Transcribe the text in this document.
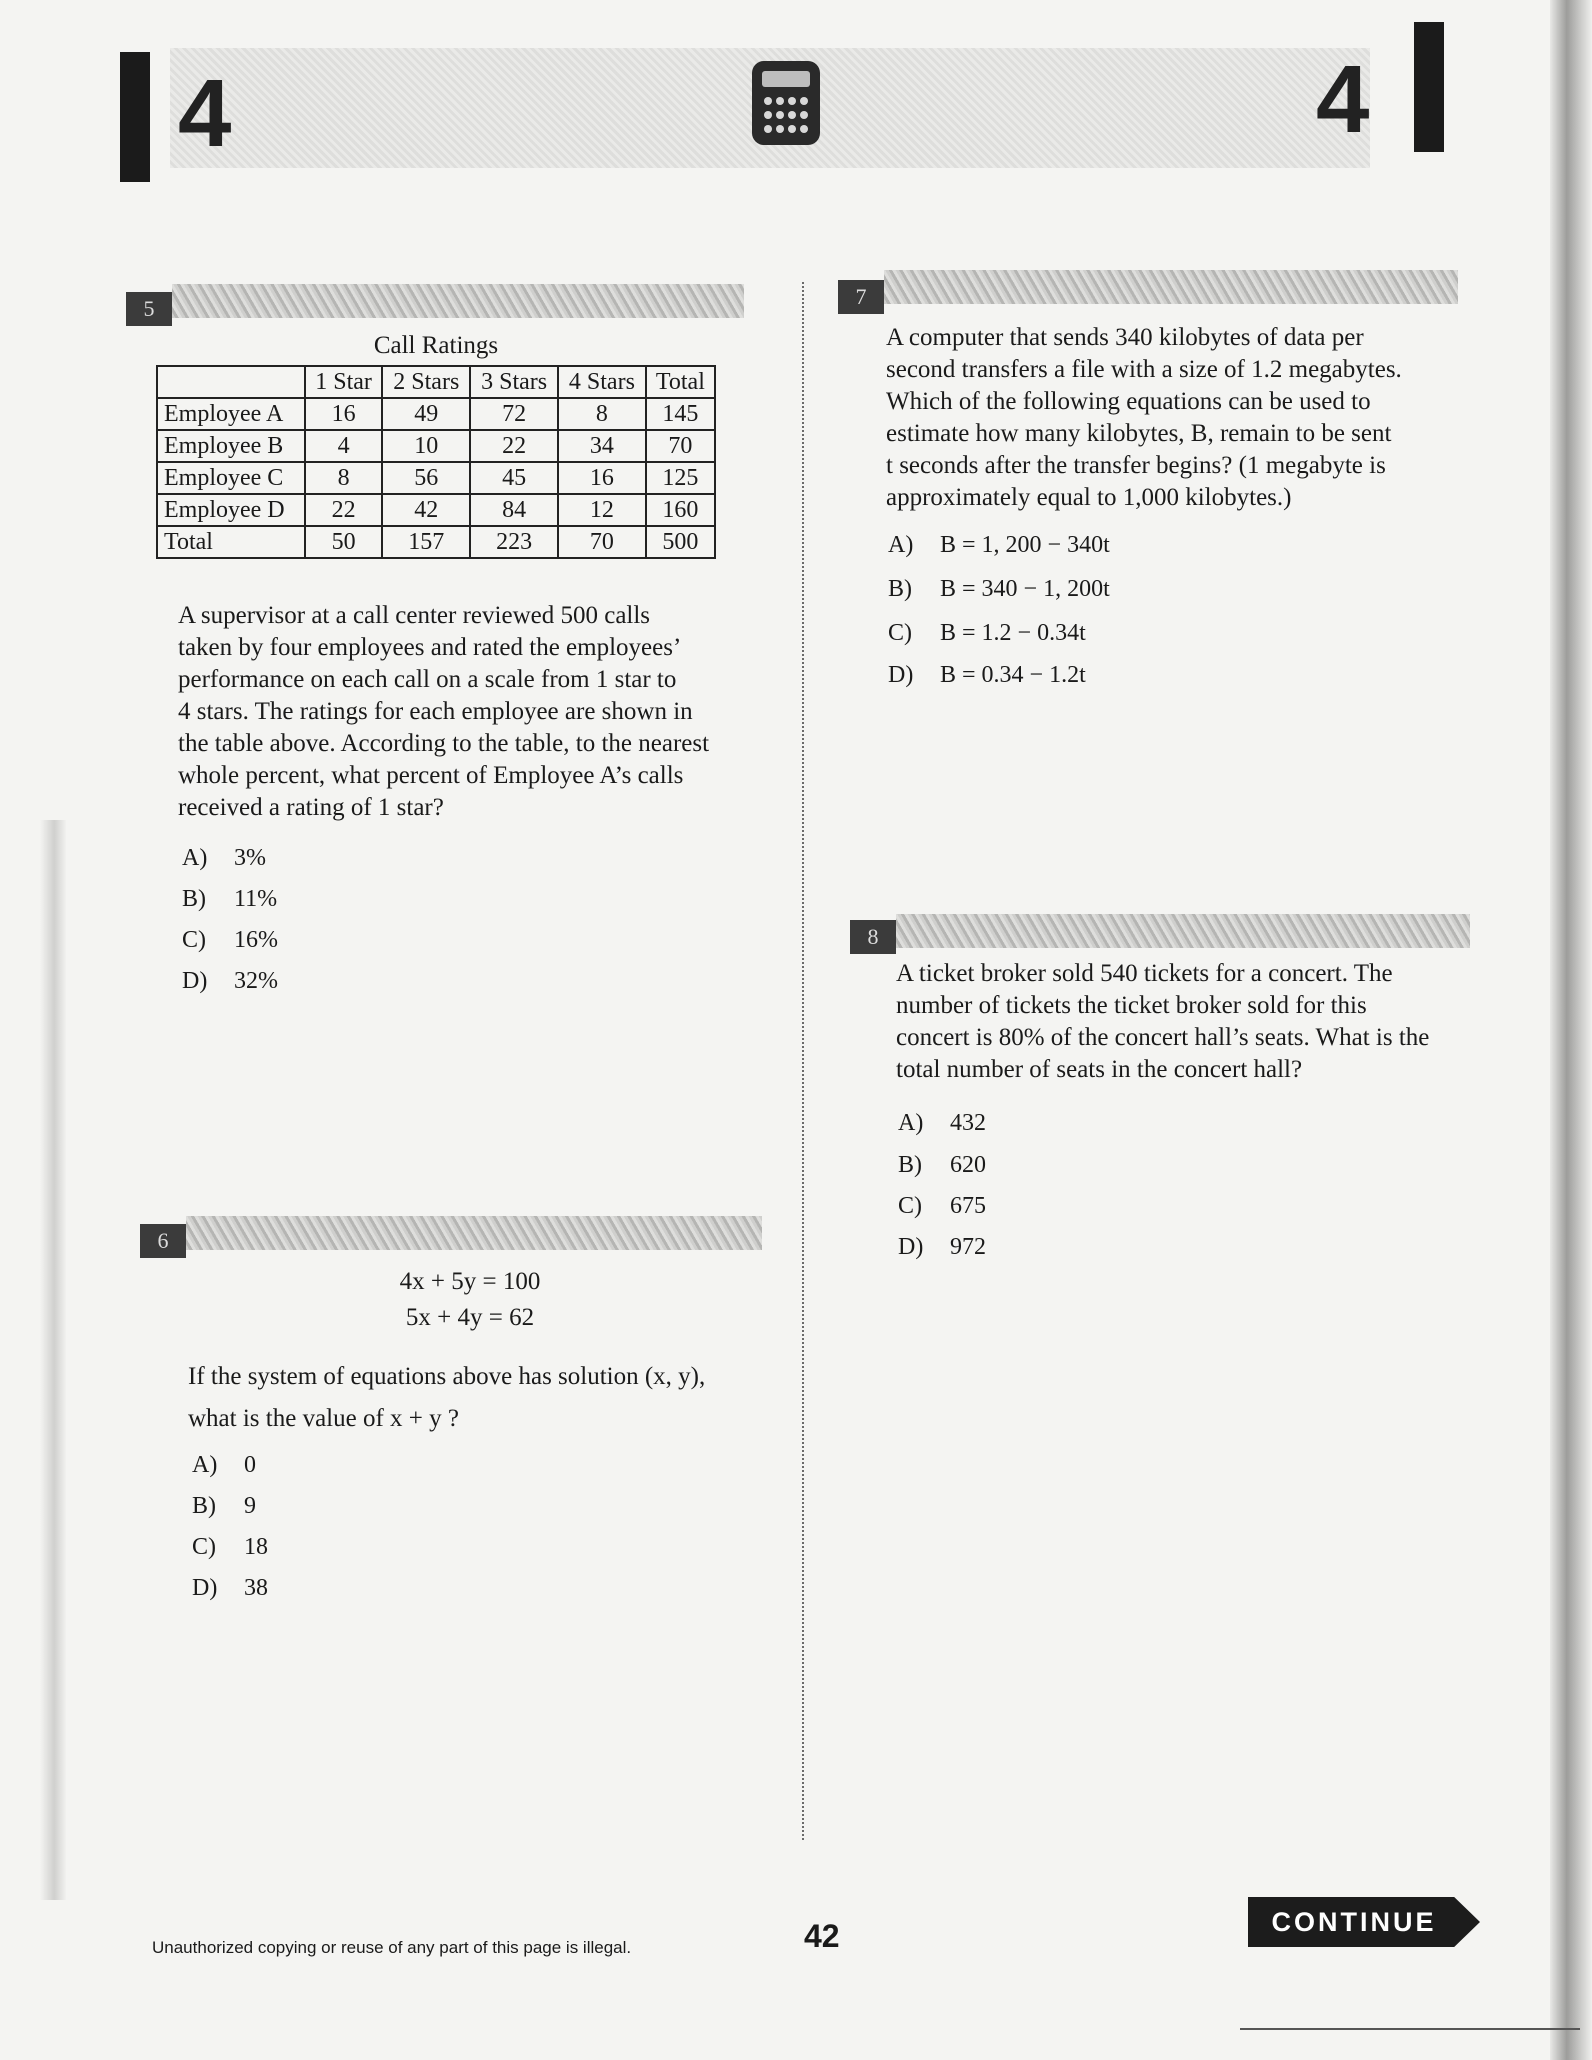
4	4
5
Call Ratings
	1 Star	2 Stars	3 Stars	4 Stars	Total
Employee A	16	49	72	8	145
Employee B	4	10	22	34	70
Employee C	8	56	45	16	125
Employee D	22	42	84	12	160
Total	50	157	223	70	500
A supervisor at a call center reviewed 500 calls
taken by four employees and rated the employees’
performance on each call on a scale from 1 star to
4 stars. The ratings for each employee are shown in
the table above. According to the table, to the nearest
whole percent, what percent of Employee A’s calls
received a rating of 1 star?
A) 3%
B) 11%
C) 16%
D) 32%
6
4x + 5y = 100
5x + 4y = 62
If the system of equations above has solution (x, y),
what is the value of x + y ?
A) 0
B) 9
C) 18
D) 38
7
A computer that sends 340 kilobytes of data per
second transfers a file with a size of 1.2 megabytes.
Which of the following equations can be used to
estimate how many kilobytes, B, remain to be sent
t seconds after the transfer begins? (1 megabyte is
approximately equal to 1,000 kilobytes.)
A) B = 1, 200 − 340t
B) B = 340 − 1, 200t
C) B = 1.2 − 0.34t
D) B = 0.34 − 1.2t
8
A ticket broker sold 540 tickets for a concert. The
number of tickets the ticket broker sold for this
concert is 80% of the concert hall’s seats. What is the
total number of seats in the concert hall?
A) 432
B) 620
C) 675
D) 972
Unauthorized copying or reuse of any part of this page is illegal.	42	CONTINUE
